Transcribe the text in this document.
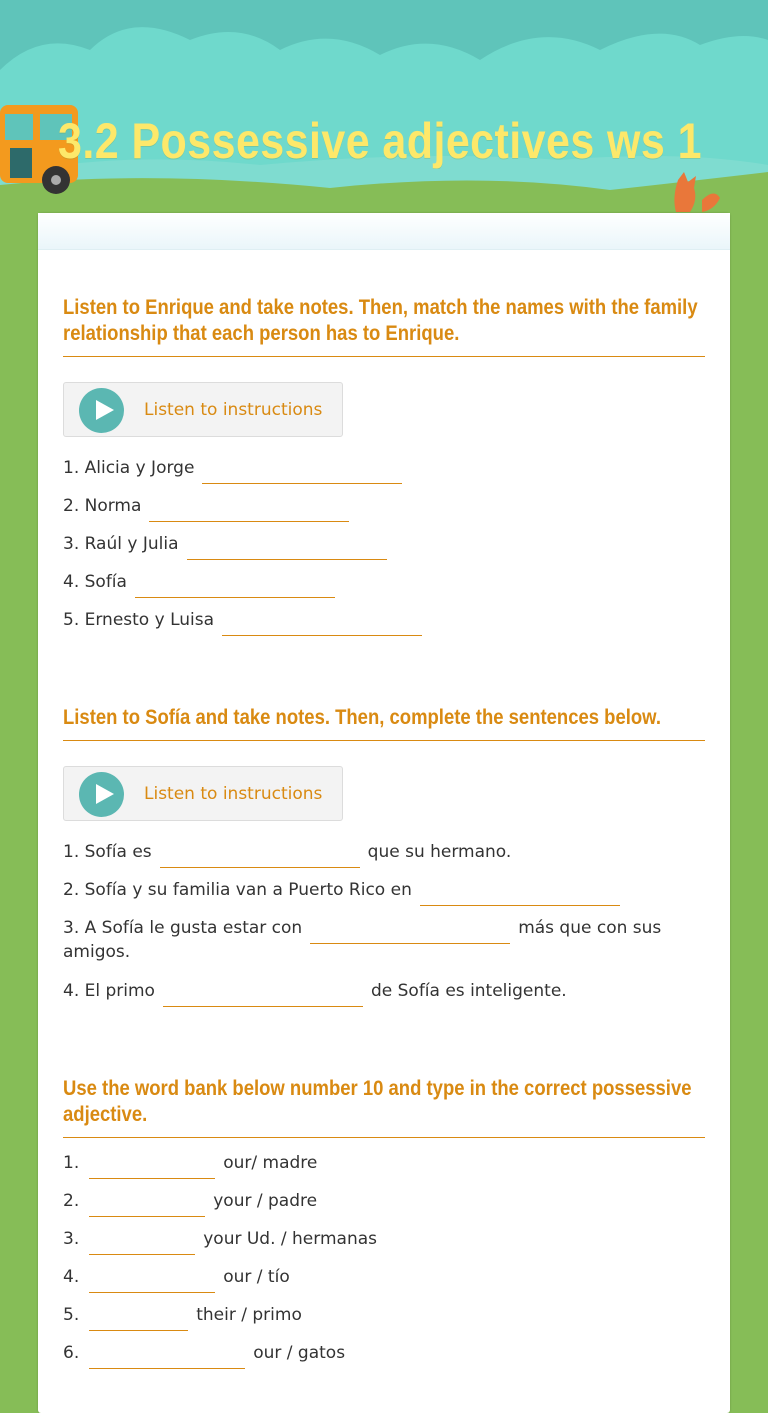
3.2 Possessive adjectives ws 1
Listen to Enrique and take notes. Then, match the names with the family relationship that each person has to Enrique.
Listen to instructions
1. Alicia y Jorge
2. Norma
3. Raúl y Julia
4. Sofía
5. Ernesto y Luisa
Listen to Sofía and take notes. Then, complete the sentences below.
Listen to instructions
1. Sofía es	que su hermano.
2. Sofía y su familia van a Puerto Rico en
3. A Sofía le gusta estar con	más que con sus
amigos.
4. El primo	de Sofía es inteligente.
Use the word bank below number 10 and type in the correct possessive adjective.
1.	our/ madre
2.	your / padre
3.	your Ud. / hermanas
4.	our / tío
5.	their / primo
6.	our / gatos
